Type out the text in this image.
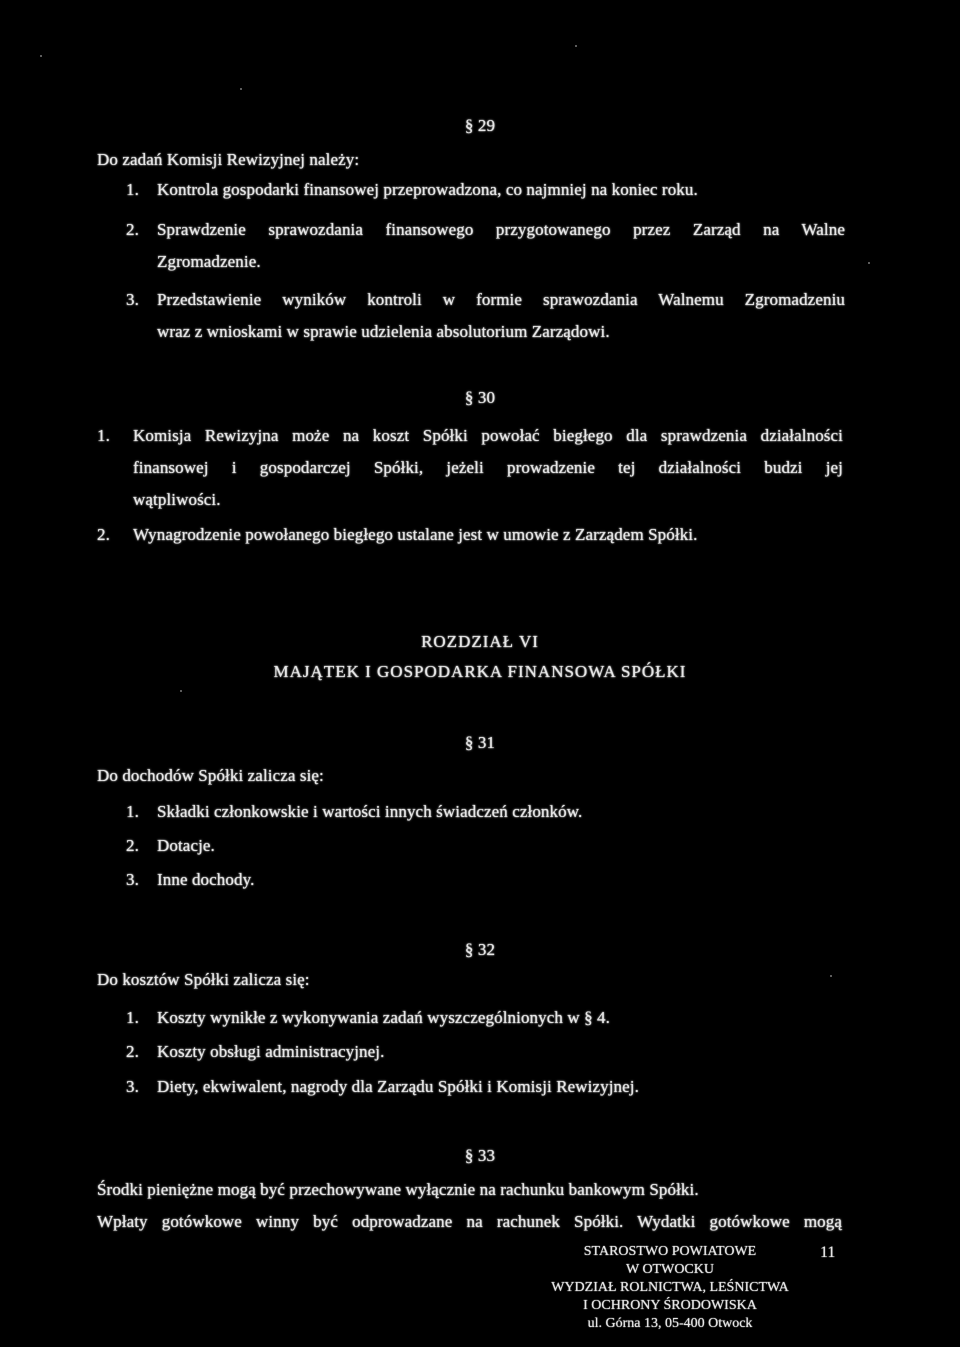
§ 29
Do zadań Komisji Rewizyjnej należy:
1. Kontrola gospodarki finansowej przeprowadzona, co najmniej na koniec roku.
2. Sprawdzenie sprawozdania finansowego przygotowanego przez Zarząd na Walne
Zgromadzenie.
3. Przedstawienie wyników kontroli w formie sprawozdania Walnemu Zgromadzeniu
wraz z wnioskami w sprawie udzielenia absolutorium Zarządowi.
§ 30
1. Komisja Rewizyjna może na koszt Spółki powołać biegłego dla sprawdzenia działalności
finansowej i gospodarczej Spółki, jeżeli prowadzenie tej działalności budzi jej
wątpliwości.
2. Wynagrodzenie powołanego biegłego ustalane jest w umowie z Zarządem Spółki.
ROZDZIAŁ VI
MAJĄTEK I GOSPODARKA FINANSOWA SPÓŁKI
§ 31
Do dochodów Spółki zalicza się:
1. Składki członkowskie i wartości innych świadczeń członków.
2. Dotacje.
3. Inne dochody.
§ 32
Do kosztów Spółki zalicza się:
1. Koszty wynikłe z wykonywania zadań wyszczególnionych w § 4.
2. Koszty obsługi administracyjnej.
3. Diety, ekwiwalent, nagrody dla Zarządu Spółki i Komisji Rewizyjnej.
§ 33
Środki pieniężne mogą być przechowywane wyłącznie na rachunku bankowym Spółki.
Wpłaty gotówkowe winny być odprowadzane na rachunek Spółki. Wydatki gotówkowe mogą
STAROSTWO POWIATOWE
W OTWOCKU
WYDZIAŁ ROLNICTWA, LEŚNICTWA
I OCHRONY ŚRODOWISKA
ul. Górna 13, 05-400 Otwock
11
